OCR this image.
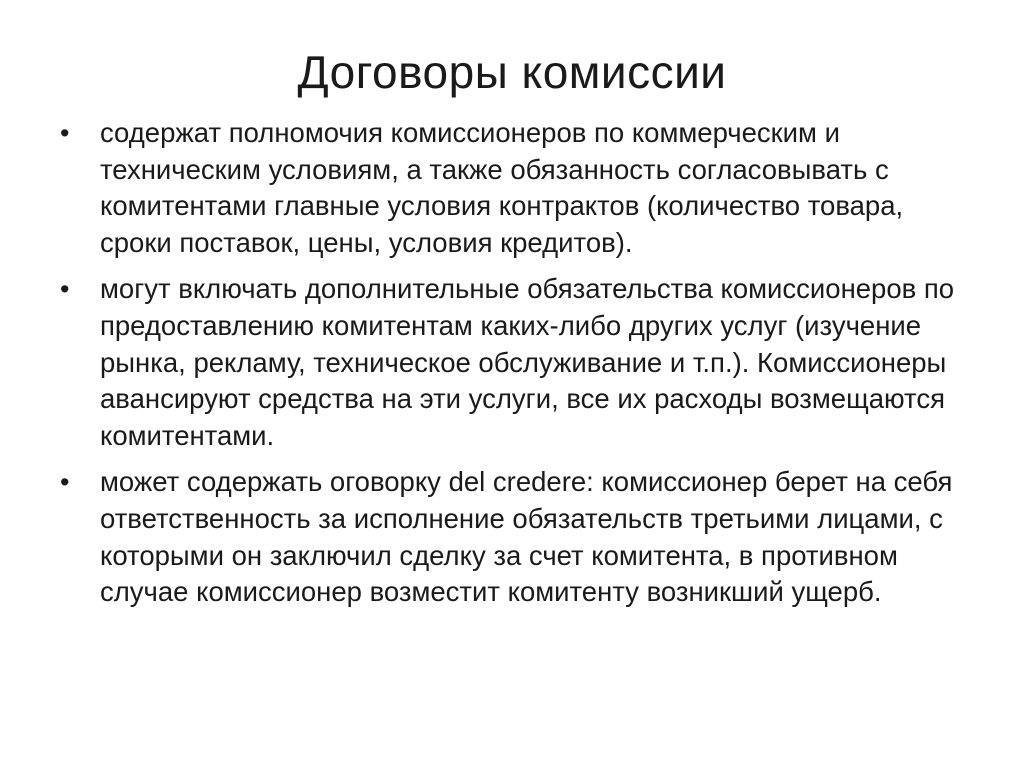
Договоры комиссии
• содержат полномочия комиссионеров по коммерческим и техническим условиям, а также обязанность согласовывать с комитентами главные условия контрактов (количество товара, сроки поставок, цены, условия кредитов).
• могут включать дополнительные обязательства комиссионеров по предоставлению комитентам каких-либо других услуг (изучение рынка, рекламу, техническое обслуживание и т.п.). Комиссионеры авансируют средства на эти услуги, все их расходы возмещаются комитентами.
• может содержать оговорку del credere: комиссионер берет на себя ответственность за исполнение обязательств третьими лицами, с которыми он заключил сделку за счет комитента, в противном случае комиссионер возместит комитенту возникший ущерб.
